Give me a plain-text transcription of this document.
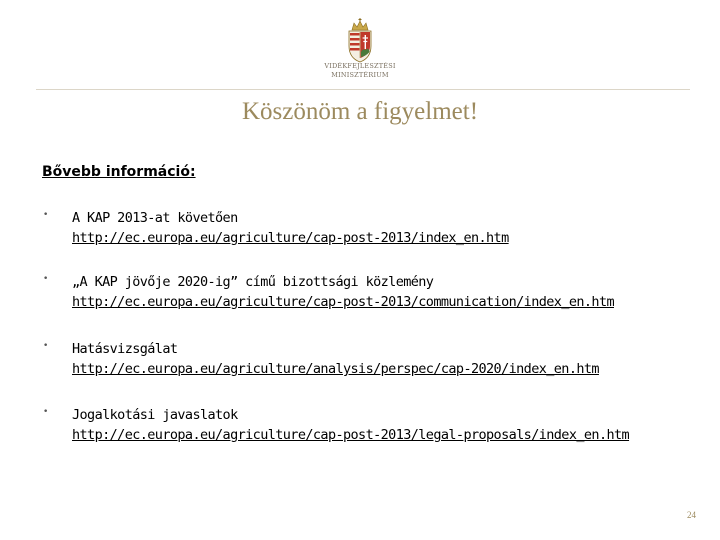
VIDÉKFEJLESZTÉSI
MINISZTÉRIUM
Köszönöm a figyelmet!
Bővebb információ:
• A KAP 2013-at követően
http://ec.europa.eu/agriculture/cap-post-2013/index_en.htm
• „A KAP jövője 2020-ig” című bizottsági közlemény
http://ec.europa.eu/agriculture/cap-post-2013/communication/index_en.htm
• Hatásvizsgálat
http://ec.europa.eu/agriculture/analysis/perspec/cap-2020/index_en.htm
• Jogalkotási javaslatok
http://ec.europa.eu/agriculture/cap-post-2013/legal-proposals/index_en.htm
24
